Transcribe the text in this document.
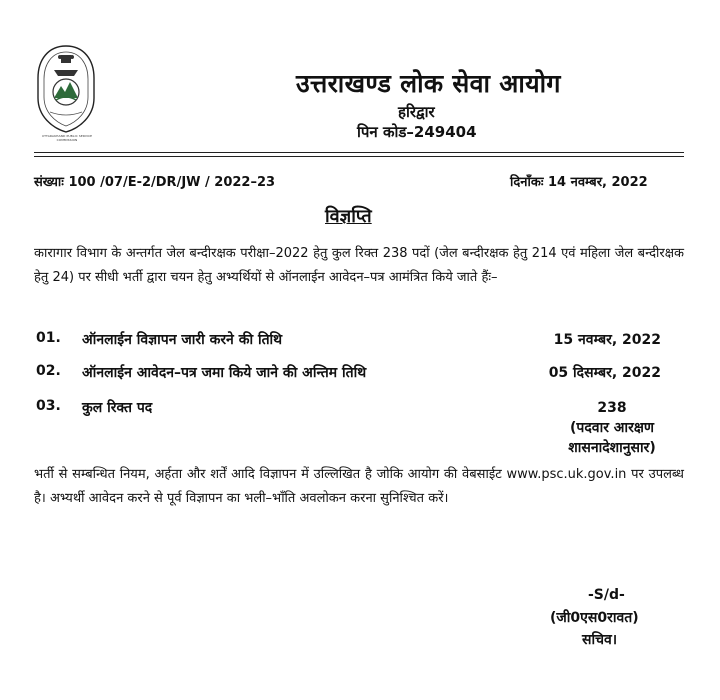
UTTARAKHAND PUBLIC SERVICE COMMISSION
उत्तराखण्ड लोक सेवा आयोग
हरिद्वार
पिन कोड–249404
संख्याः 100 /07/E-2/DR/JW / 2022–23	दिनाँकः 14 नवम्बर, 2022
विज्ञप्ति
कारागार विभाग के अन्तर्गत जेल बन्दीरक्षक परीक्षा–2022 हेतु कुल रिक्त 238 पदों (जेल बन्दीरक्षक हेतु 214 एवं महिला जेल बन्दीरक्षक हेतु 24) पर सीधी भर्ती द्वारा चयन हेतु अभ्यर्थियों से ऑनलाईन आवेदन–पत्र आमंत्रित किये जाते हैंः–
01. ऑनलाईन विज्ञापन जारी करने की तिथि	15 नवम्बर, 2022
02. ऑनलाईन आवेदन–पत्र जमा किये जाने की अन्तिम तिथि	05 दिसम्बर, 2022
03. कुल रिक्त पद	238
(पदवार आरक्षण
शासनादेशानुसार)
भर्ती से सम्बन्धित नियम, अर्हता और शर्तें आदि विज्ञापन में उल्लिखित है जोकि आयोग की वेबसाईट www.psc.uk.gov.in पर उपलब्ध है। अभ्यर्थी आवेदन करने से पूर्व विज्ञापन का भली–भाँति अवलोकन करना सुनिश्चित करें।
-S/d-
(जी0एस0रावत)
सचिव।
